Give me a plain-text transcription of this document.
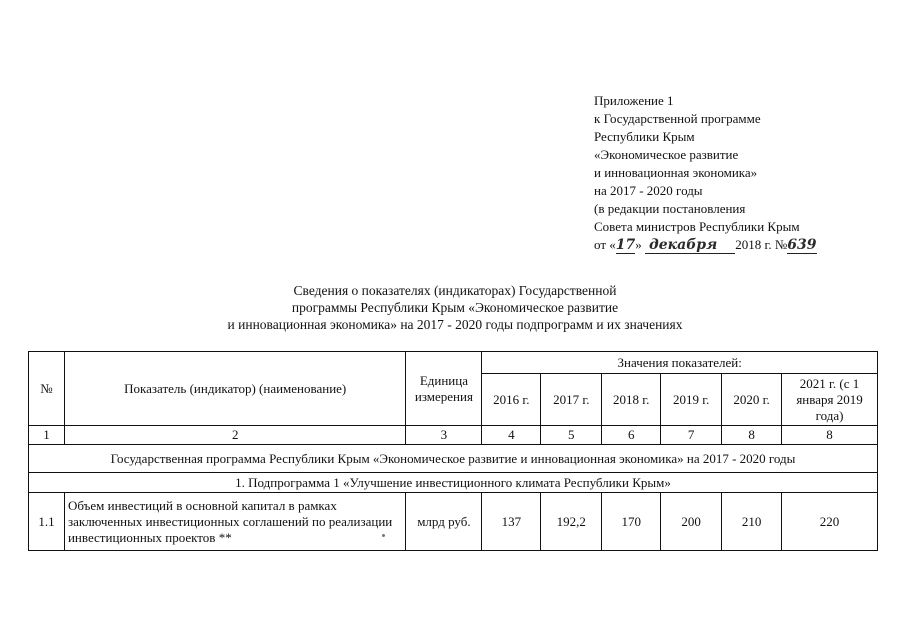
Приложение 1
к Государственной программе
Республики Крым
«Экономическое развитие
и инновационная экономика»
на 2017 - 2020 годы
(в редакции постановления
Совета министров Республики Крым
от «17» декабря 2018 г. №639
Сведения о показателях (индикаторах) Государственной
программы Республики Крым «Экономическое развитие
и инновационная экономика» на 2017 - 2020 годы подпрограмм и их значениях
№	Показатель (индикатор) (наименование)	Единица измерения	Значения показателей:					
			2016 г.	2017 г.	2018 г.	2019 г.	2020 г.	2021 г. (с 1 января 2019 года)
1	2	3	4	5	6	7	8	8
Государственная программа Республики Крым «Экономическое развитие и инновационная экономика» на 2017 - 2020 годы								
1. Подпрограмма 1 «Улучшение инвестиционного климата Республики Крым»								
1.1	Объем инвестиций в основной капитал в рамках заключенных инвестиционных соглашений по реализации инвестиционных проектов **	млрд руб.	137	192,2	170	200	210	220
